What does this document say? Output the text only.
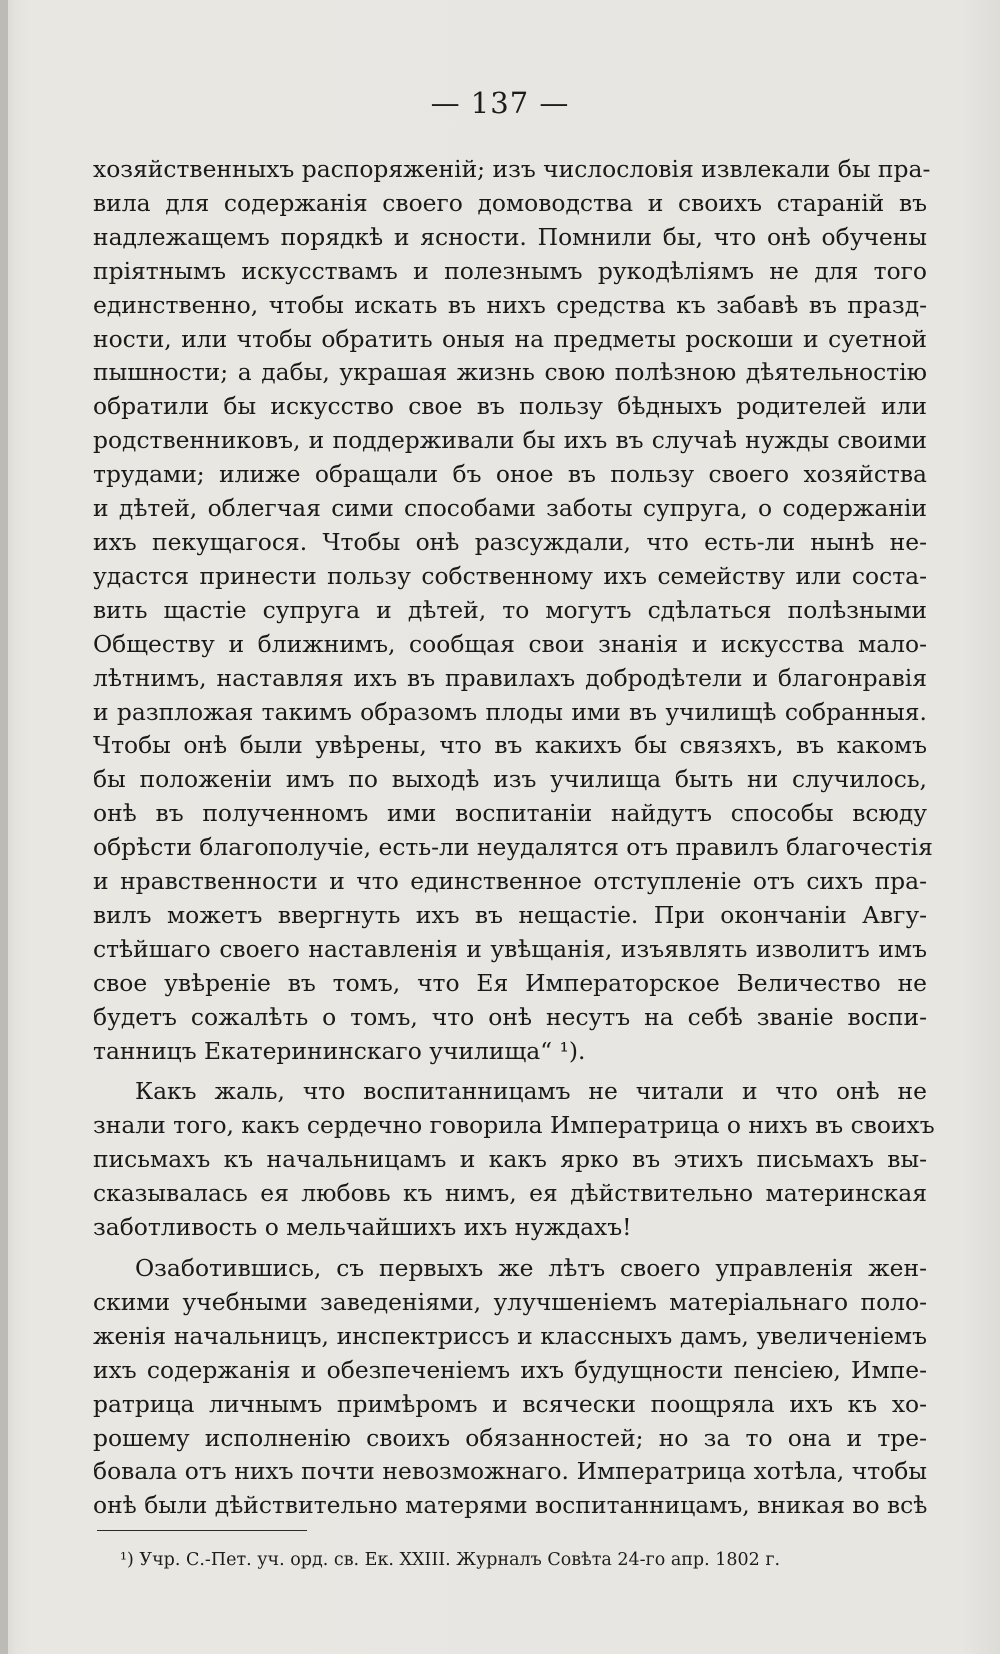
— 137 —
хозяйственныхъ распоряженій; изъ числословія извлекали бы пра-
вила для содержанія своего домоводства и своихъ стараній въ
надлежащемъ порядкѣ и ясности. Помнили бы, что онѣ обучены
пріятнымъ искусствамъ и полезнымъ рукодѣліямъ не для того
единственно, чтобы искать въ нихъ средства къ забавѣ въ празд-
ности, или чтобы обратить оныя на предметы роскоши и суетной
пышности; а дабы, украшая жизнь свою полѣзною дѣятельностію
обратили бы искусство свое въ пользу бѣдныхъ родителей или
родственниковъ, и поддерживали бы ихъ въ случаѣ нужды своими
трудами; илиже обращали бъ оное въ пользу своего хозяйства
и дѣтей, облегчая сими способами заботы супруга, о содержаніи
ихъ пекущагося. Чтобы онѣ разсуждали, что есть-ли нынѣ не-
удастся принести пользу собственному ихъ семейству или соста-
вить щастіе супруга и дѣтей, то могутъ сдѣлаться полѣзными
Обществу и ближнимъ, сообщая свои знанія и искусства мало-
лѣтнимъ, наставляя ихъ въ правилахъ добродѣтели и благонравія
и разпложая такимъ образомъ плоды ими въ училищѣ собранныя.
Чтобы онѣ были увѣрены, что въ какихъ бы связяхъ, въ какомъ
бы положеніи имъ по выходѣ изъ училища быть ни случилось,
онѣ въ полученномъ ими воспитаніи найдутъ способы всюду
обрѣсти благополучіе, есть-ли неудалятся отъ правилъ благочестія
и нравственности и что единственное отступленіе отъ сихъ пра-
вилъ можетъ ввергнуть ихъ въ нещастіе. При окончаніи Авгу-
стѣйшаго своего наставленія и увѣщанія, изъявлять изволитъ имъ
свое увѣреніе въ томъ, что Ея Императорское Величество не
будетъ сожалѣть о томъ, что онѣ несутъ на себѣ званіе воспи-
танницъ Екатерининскаго училища“ ¹).
Какъ жаль, что воспитанницамъ не читали и что онѣ не
знали того, какъ сердечно говорила Императрица о нихъ въ своихъ
письмахъ къ начальницамъ и какъ ярко въ этихъ письмахъ вы-
сказывалась ея любовь къ нимъ, ея дѣйствительно материнская
заботливость о мельчайшихъ ихъ нуждахъ!
Озаботившись, съ первыхъ же лѣтъ своего управленія жен-
скими учебными заведеніями, улучшеніемъ матеріальнаго поло-
женія начальницъ, инспектриссъ и классныхъ дамъ, увеличеніемъ
ихъ содержанія и обезпеченіемъ ихъ будущности пенсіею, Импе-
ратрица личнымъ примѣромъ и всячески поощряла ихъ къ хо-
рошему исполненію своихъ обязанностей; но за то она и тре-
бовала отъ нихъ почти невозможнаго. Императрица хотѣла, чтобы
онѣ были дѣйствительно матерями воспитанницамъ, вникая во всѣ
¹) Учр. С.-Пет. уч. орд. св. Ек. XXIII. Журналъ Совѣта 24-го апр. 1802 г.
